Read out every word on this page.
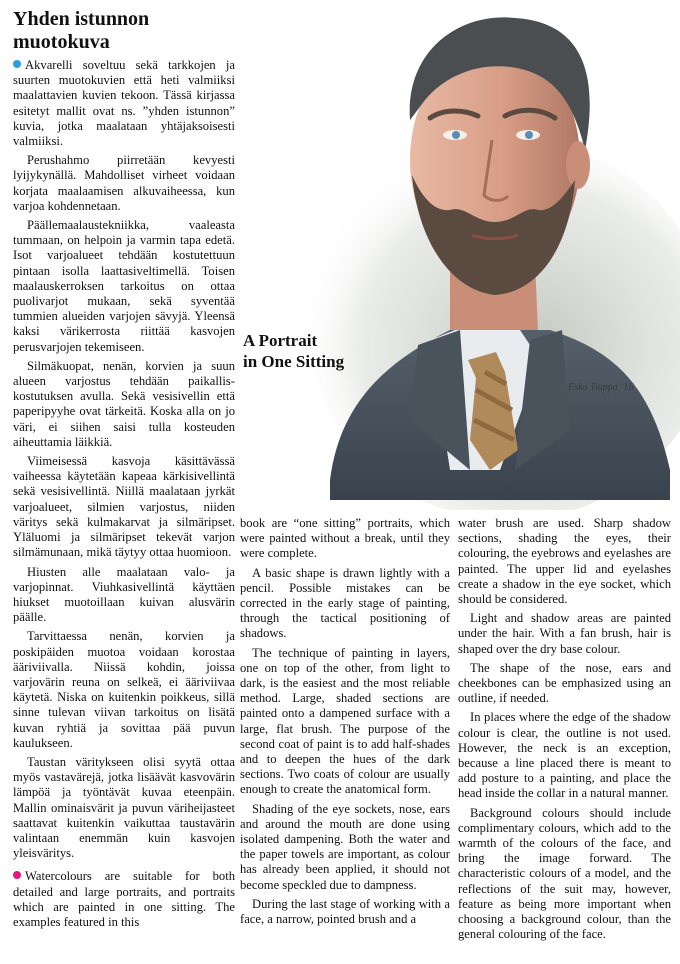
Yhden istunnon muotokuva

Akvarelli soveltuu sekä tarkkojen ja suurten muotokuvien että heti valmiiksi maalattavien kuvien tekoon. Tässä kirjassa esitetyt mallit ovat ns. ”yhden istunnon” kuvia, jotka maalataan yhtäjaksoisesti valmiiksi.

Perushahmo piirretään kevyesti lyijykynällä. Mahdolliset virheet voidaan korjata maalaamisen alkuvaiheessa, kun varjoa kohdennetaan.

Päällemaalaustekniikka, vaaleasta tummaan, on helpoin ja varmin tapa edetä. Isot varjoalueet tehdään kostutettuun pintaan isolla laattasiveltimellä. Toisen maalauskerroksen tarkoitus on ottaa puolivarjot mukaan, sekä syventää tummien alueiden varjojen sävyjä. Yleensä kaksi värikerrosta riittää kasvojen perusvarjojen tekemiseen.

Silmäkuopat, nenän, korvien ja suun alueen varjostus tehdään paikalliskostutuksen avulla. Sekä vesisivellin että paperipyyhe ovat tärkeitä. Koska alla on jo väri, ei siihen saisi tulla kosteuden aiheuttamia läikkiä.

Viimeisessä kasvoja käsittävässä vaiheessa käytetään kapeaa kärkisivellintä sekä vesisivellintä. Niillä maalataan jyrkät varjoalueet, silmien varjostus, niiden väritys sekä kulmakarvat ja silmäripset. Yläluomi ja silmäripset tekevät varjon silmämunaan, mikä täytyy ottaa huomioon.

Hiusten alle maalataan valo- ja varjopinnat. Viuhkasivellintä käyttäen hiukset muotoillaan kuivan alusvärin päälle.

Tarvittaessa nenän, korvien ja poskipäiden muotoa voidaan korostaa ääriviivalla. Niissä kohdin, joissa varjovärin reuna on selkeä, ei ääriviivaa käytetä. Niska on kuitenkin poikkeus, sillä sinne tulevan viivan tarkoitus on lisätä kuvan ryhtiä ja sovittaa pää puvun kaulukseen.

Taustan väritykseen olisi syytä ottaa myös vastavärejä, jotka lisäävät kasvovärin lämpöä ja työntävät kuvaa eteenpäin. Mallin ominaisvärit ja puvun väriheijasteet saattavat kuitenkin vaikuttaa taustavärin valintaan enemmän kuin kasvojen yleisväritys.

Watercolours are suitable for both detailed and large portraits, and portraits which are painted in one sitting. The examples featured in this

Esko Tiuppa ’16
A Portrait
in One Sitting

book are “one sitting” portraits, which were painted without a break, until they were complete.

A basic shape is drawn lightly with a pencil. Possible mistakes can be corrected in the early stage of painting, through the tactical positioning of shadows.

The technique of painting in layers, one on top of the other, from light to dark, is the easiest and the most reliable method. Large, shaded sections are painted onto a dampened surface with a large, flat brush. The purpose of the second coat of paint is to add half-shades and to deepen the hues of the dark sections. Two coats of colour are usually enough to create the anatomical form.

Shading of the eye sockets, nose, ears and around the mouth are done using isolated dampening. Both the water and the paper towels are important, as colour has already been applied, it should not become speckled due to dampness.

During the last stage of working with a face, a narrow, pointed brush and a

water brush are used. Sharp shadow sections, shading the eyes, their colouring, the eyebrows and eyelashes are painted. The upper lid and eyelashes create a shadow in the eye socket, which should be considered.

Light and shadow areas are painted under the hair. With a fan brush, hair is shaped over the dry base colour.

The shape of the nose, ears and cheekbones can be emphasized using an outline, if needed.

In places where the edge of the shadow colour is clear, the outline is not used. However, the neck is an exception, because a line placed there is meant to add posture to a painting, and place the head inside the collar in a natural manner.

Background colours should include complimentary colours, which add to the warmth of the colours of the face, and bring the image forward. The characteristic colours of a model, and the reflections of the suit may, however, feature as being more important when choosing a background colour, than the general colouring of the face.
